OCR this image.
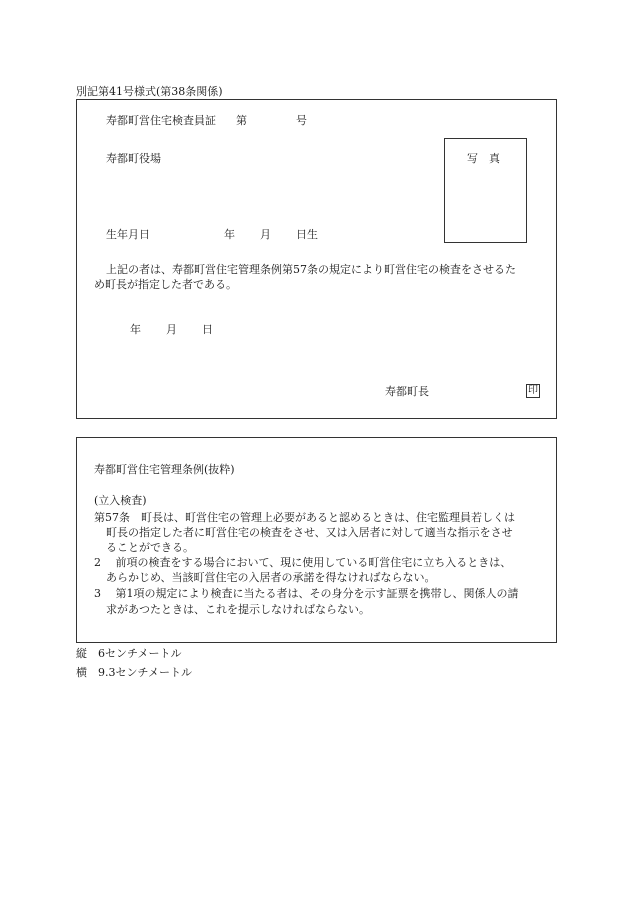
別記第41号様式(第38条関係)
寿都町営住宅検査員証 第	号
寿都町役場	写　真
生年月日	年 月 日生
上記の者は、寿都町営住宅管理条例第57条の規定により町営住宅の検査をさせるた
め町長が指定した者である。
年 月 日
寿都町長	印
寿都町営住宅管理条例(抜粋)
(立入検査)
第57条　町長は、町営住宅の管理上必要があると認めるときは、住宅監理員若しくは
町長の指定した者に町営住宅の検査をさせ、又は入居者に対して適当な指示をさせ
ることができる。
2　 前項の検査をする場合において、現に使用している町営住宅に立ち入るときは、
あらかじめ、当該町営住宅の入居者の承諾を得なければならない。
3　 第1項の規定により検査に当たる者は、その身分を示す証票を携帯し、関係人の請
求があつたときは、これを提示しなければならない。
縦　6センチメートル
横　9.3センチメートル
